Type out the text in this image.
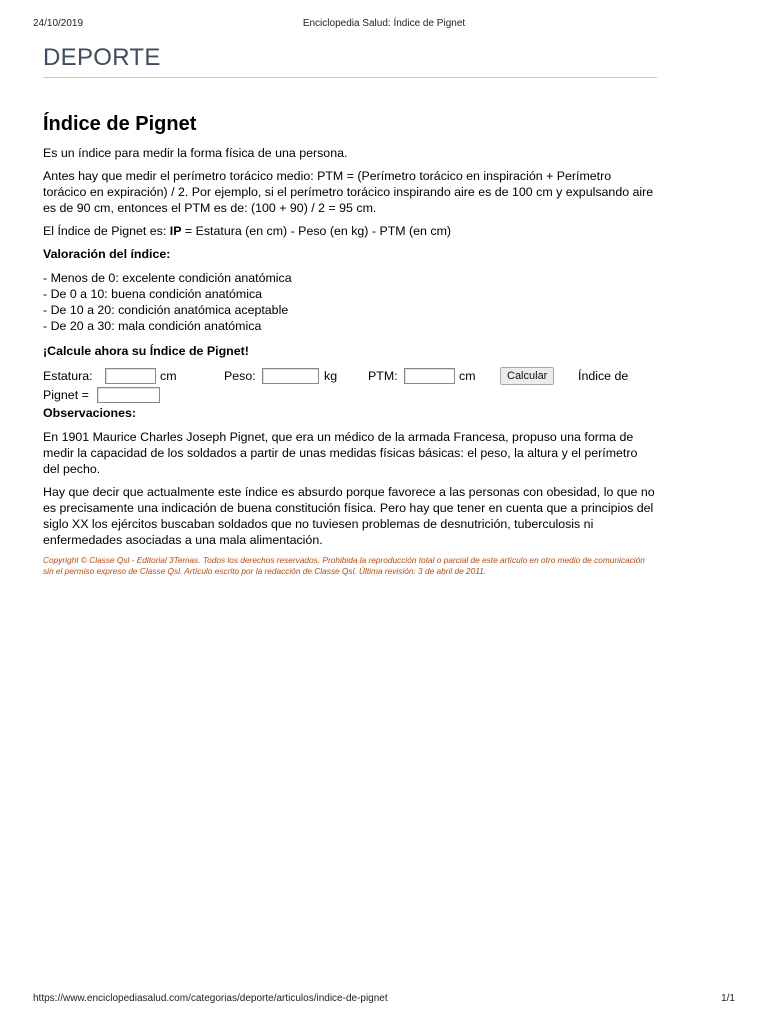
24/10/2019	Enciclopedia Salud: Índice de Pignet
DEPORTE
Índice de Pignet

Es un índice para medir la forma física de una persona.

Antes hay que medir el perímetro torácico medio: PTM = (Perímetro torácico en inspiración + Perímetro torácico en expiración) / 2. Por ejemplo, si el perímetro torácico inspirando aire es de 100 cm y expulsando aire es de 90 cm, entonces el PTM es de: (100 + 90) / 2 = 95 cm.

El Índice de Pignet es: IP = Estatura (en cm) - Peso (en kg) - PTM (en cm)

Valoración del índice:

- Menos de 0: excelente condición anatómica
- De 0 a 10: buena condición anatómica
- De 10 a 20: condición anatómica aceptable
- De 20 a 30: mala condición anatómica

¡Calcule ahora su Índice de Pignet!

Estatura:	cm	Peso:	kg PTM:	cm	Calcular	Índice de
Pignet =

Observaciones:

En 1901 Maurice Charles Joseph Pignet, que era un médico de la armada Francesa, propuso una forma de medir la capacidad de los soldados a partir de unas medidas físicas básicas: el peso, la altura y el perímetro del pecho.

Hay que decir que actualmente este índice es absurdo porque favorece a las personas con obesidad, lo que no es precisamente una indicación de buena constitución física. Pero hay que tener en cuenta que a principios del siglo XX los ejércitos buscaban soldados que no tuviesen problemas de desnutrición, tuberculosis ni enfermedades asociadas a una mala alimentación.

Copyright © Classe Qsl - Editorial 3Temas. Todos los derechos reservados. Prohibida la reproducción total o parcial de este artículo en otro medio de comunicación sin el permiso expreso de Classe Qsl. Artículo escrito por la redacción de Classe Qsl. Última revisión: 3 de abril de 2011.

https://www.enciclopediasalud.com/categorias/deporte/articulos/indice-de-pignet	1/1
